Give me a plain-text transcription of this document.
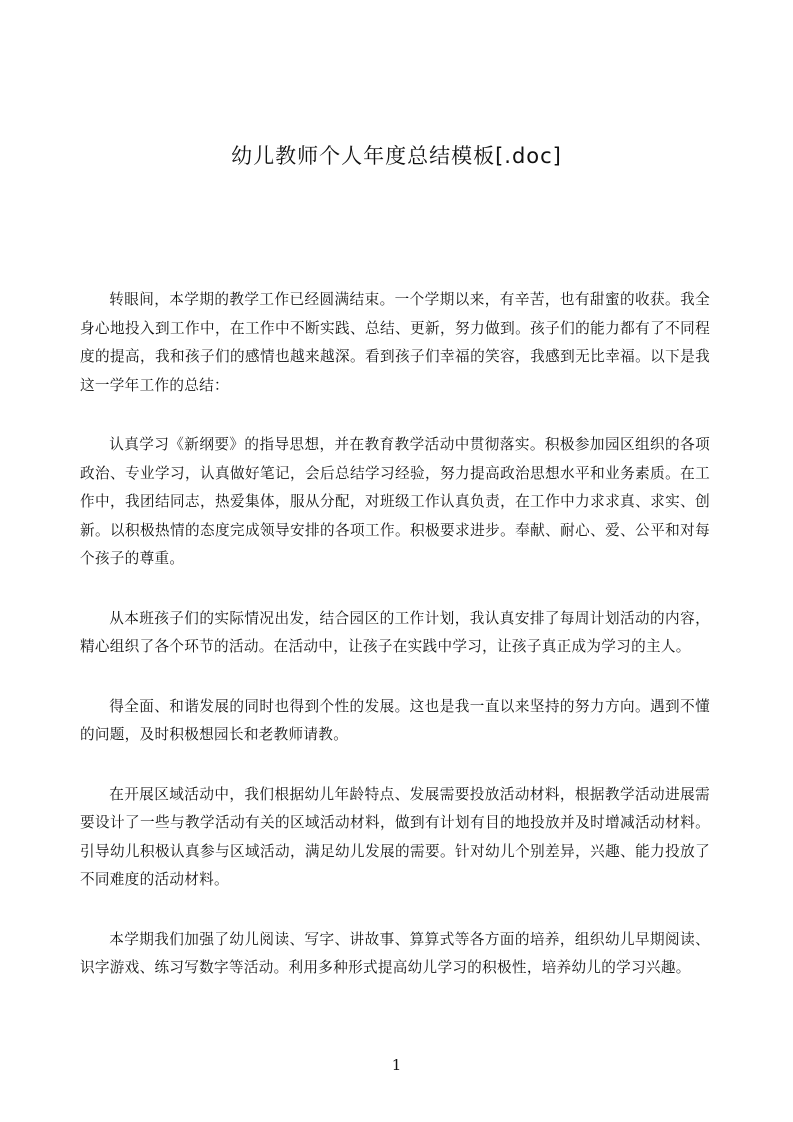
幼儿教师个人年度总结模板[.doc]

转眼间，本学期的教学工作已经圆满结束。一个学期以来，有辛苦，也有甜蜜的收获。我全身心地投入到工作中，在工作中不断实践、总结、更新，努力做到。孩子们的能力都有了不同程度的提高，我和孩子们的感情也越来越深。看到孩子们幸福的笑容，我感到无比幸福。以下是我这一学年工作的总结：

认真学习《新纲要》的指导思想，并在教育教学活动中贯彻落实。积极参加园区组织的各项政治、专业学习，认真做好笔记，会后总结学习经验，努力提高政治思想水平和业务素质。在工作中，我团结同志，热爱集体，服从分配，对班级工作认真负责，在工作中力求求真、求实、创新。以积极热情的态度完成领导安排的各项工作。积极要求进步。奉献、耐心、爱、公平和对每个孩子的尊重。

从本班孩子们的实际情况出发，结合园区的工作计划，我认真安排了每周计划活动的内容，精心组织了各个环节的活动。在活动中，让孩子在实践中学习，让孩子真正成为学习的主人。

得全面、和谐发展的同时也得到个性的发展。这也是我一直以来坚持的努力方向。遇到不懂的问题，及时积极想园长和老教师请教。

在开展区域活动中，我们根据幼儿年龄特点、发展需要投放活动材料，根据教学活动进展需要设计了一些与教学活动有关的区域活动材料，做到有计划有目的地投放并及时增减活动材料。引导幼儿积极认真参与区域活动，满足幼儿发展的需要。针对幼儿个别差异，兴趣、能力投放了不同难度的活动材料。

本学期我们加强了幼儿阅读、写字、讲故事、算算式等各方面的培养，组织幼儿早期阅读、识字游戏、练习写数字等活动。利用多种形式提高幼儿学习的积极性，培养幼儿的学习兴趣。

1
